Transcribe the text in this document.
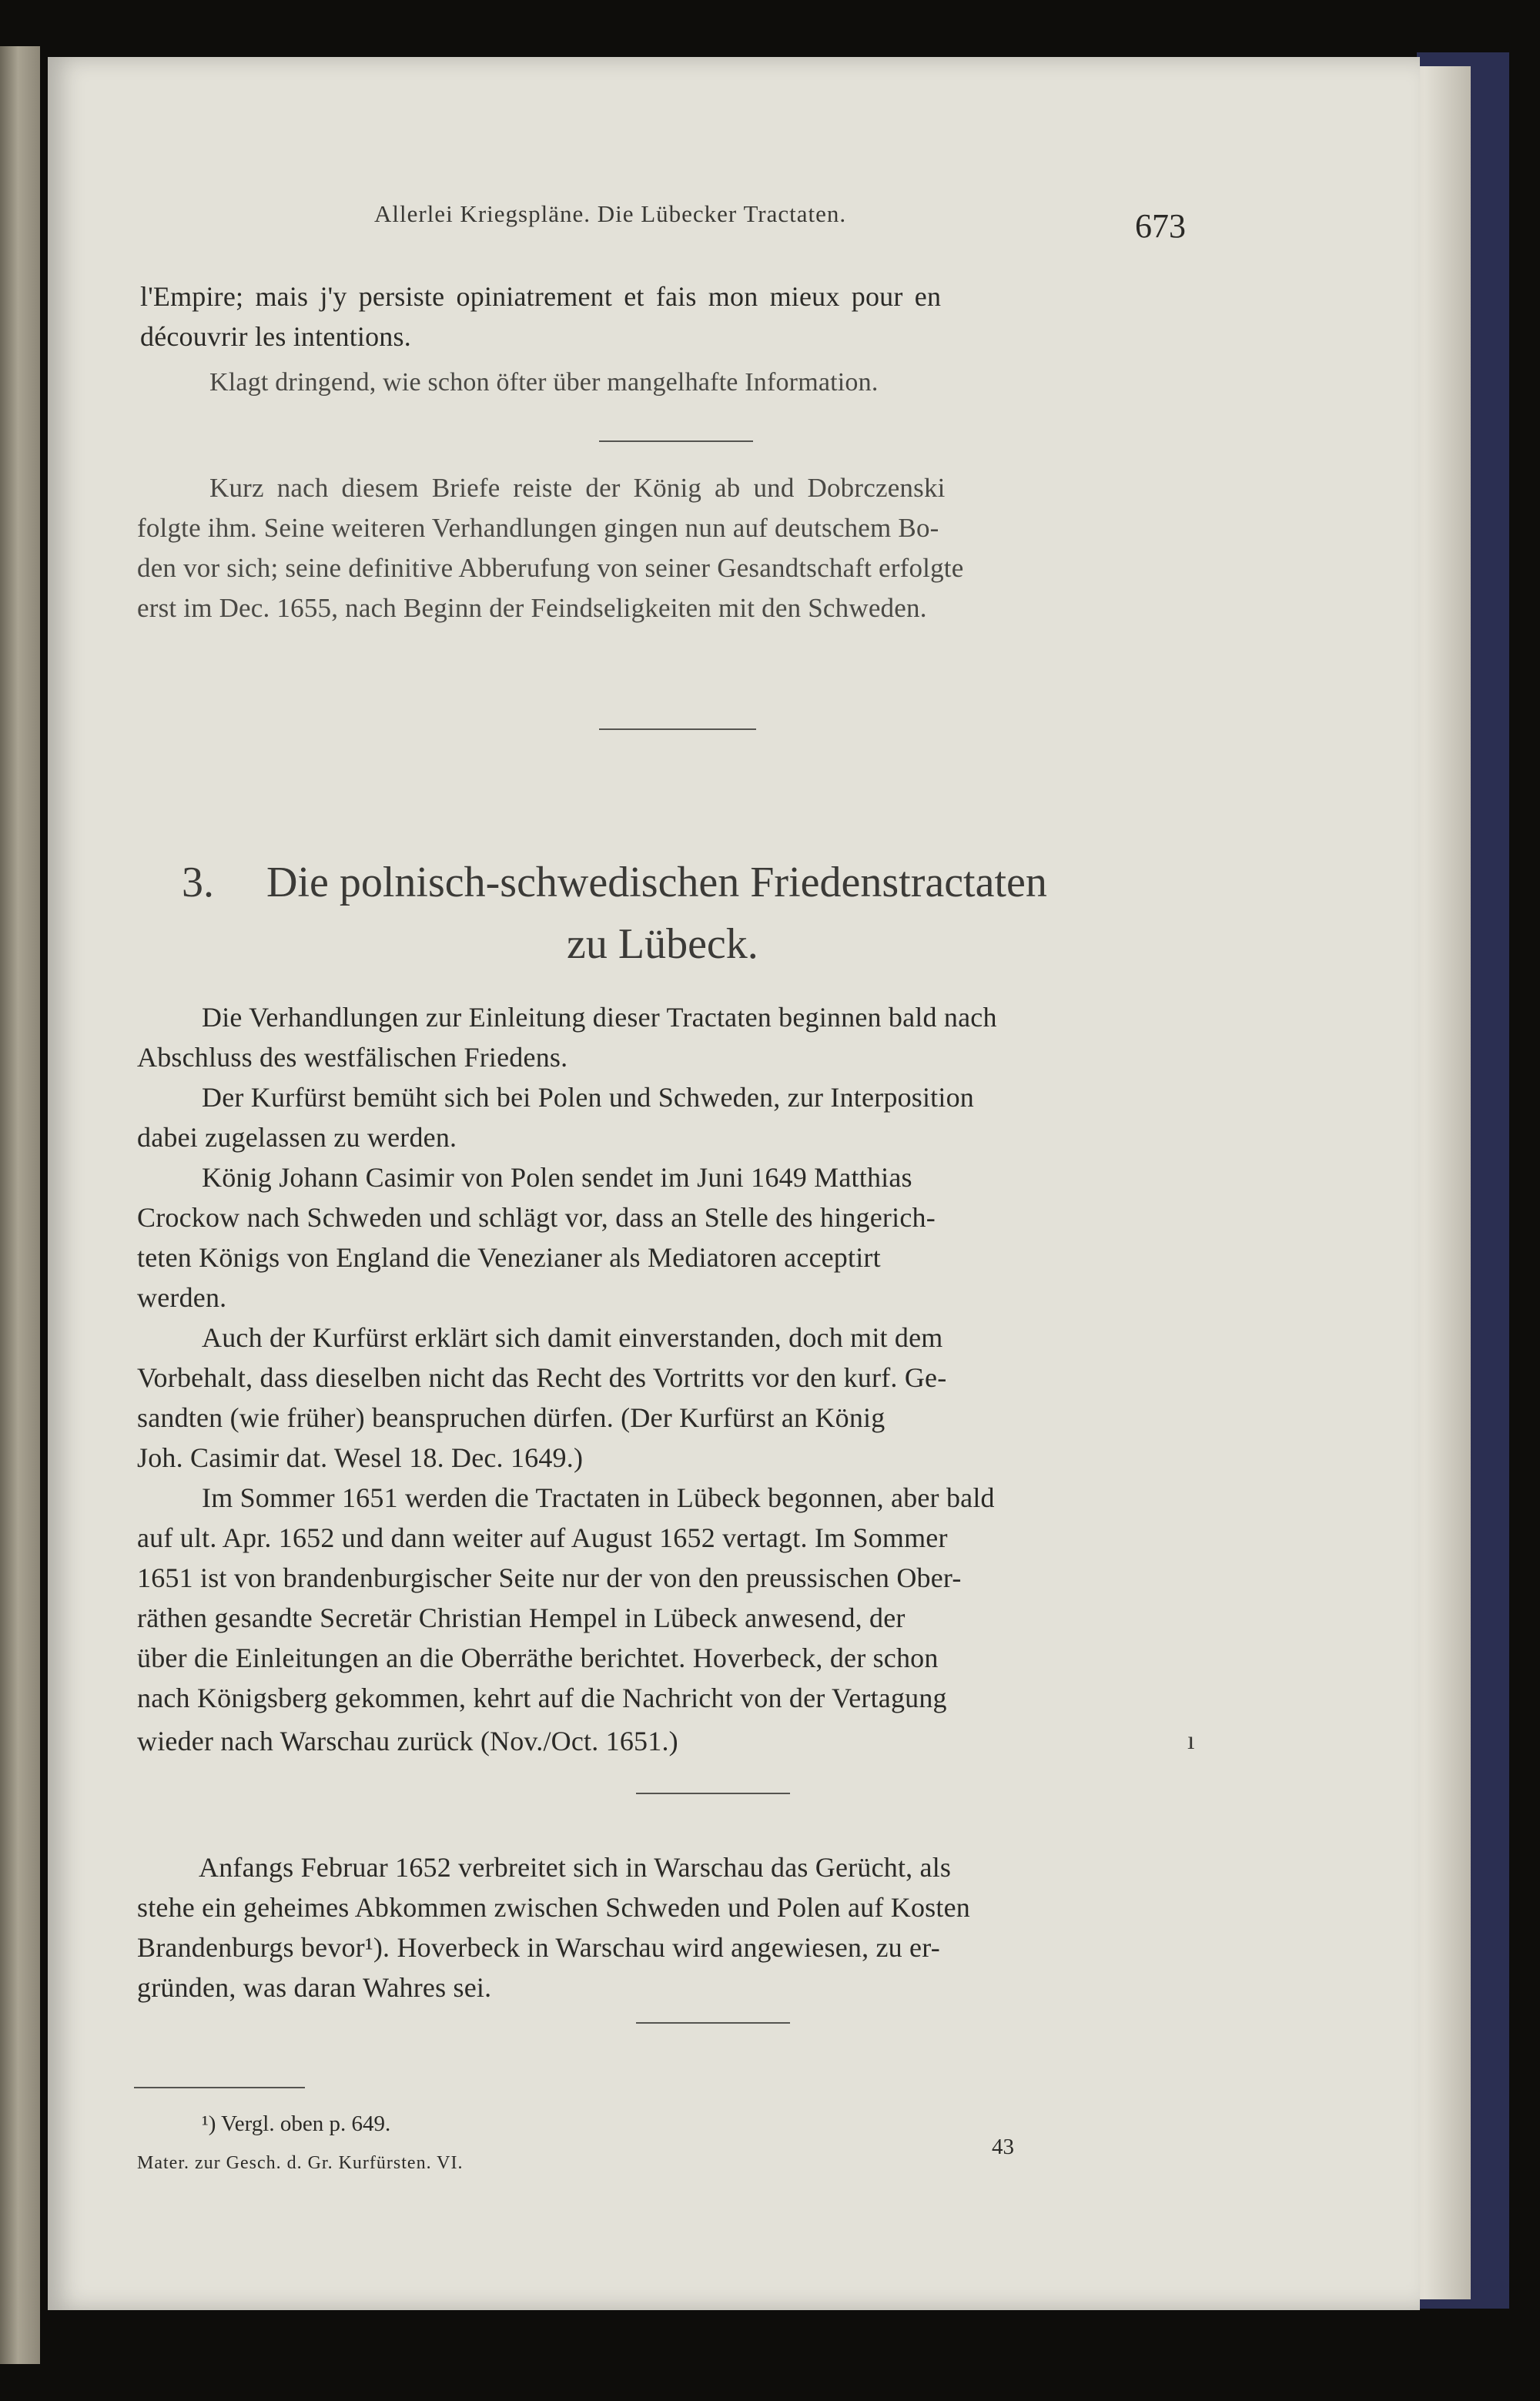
Allerlei Kriegspläne. Die Lübecker Tractaten.	673

l'Empire; mais j'y persiste opiniatrement et fais mon mieux pour en

découvrir les intentions.

Klagt dringend, wie schon öfter über mangelhafte Information.

Kurz nach diesem Briefe reiste der König ab und Dobrczenski

folgte ihm. Seine weiteren Verhandlungen gingen nun auf deutschem Bo-

den vor sich; seine definitive Abberufung von seiner Gesandtschaft erfolgte

erst im Dec. 1655, nach Beginn der Feindseligkeiten mit den Schweden.

3. Die polnisch-schwedischen Friedenstractaten

zu Lübeck.

Die Verhandlungen zur Einleitung dieser Tractaten beginnen bald nach

Abschluss des westfälischen Friedens.

Der Kurfürst bemüht sich bei Polen und Schweden, zur Interposition

dabei zugelassen zu werden.

König Johann Casimir von Polen sendet im Juni 1649 Matthias

Crockow nach Schweden und schlägt vor, dass an Stelle des hingerich-

teten Königs von England die Venezianer als Mediatoren acceptirt

werden.

Auch der Kurfürst erklärt sich damit einverstanden, doch mit dem

Vorbehalt, dass dieselben nicht das Recht des Vortritts vor den kurf. Ge-

sandten (wie früher) beanspruchen dürfen. (Der Kurfürst an König

Joh. Casimir dat. Wesel 18. Dec. 1649.)

Im Sommer 1651 werden die Tractaten in Lübeck begonnen, aber bald

auf ult. Apr. 1652 und dann weiter auf August 1652 vertagt. Im Sommer

1651 ist von brandenburgischer Seite nur der von den preussischen Ober-

räthen gesandte Secretär Christian Hempel in Lübeck anwesend, der

über die Einleitungen an die Oberräthe berichtet. Hoverbeck, der schon

nach Königsberg gekommen, kehrt auf die Nachricht von der Vertagung

wieder nach Warschau zurück (Nov./Oct. 1651.)	ı

Anfangs Februar 1652 verbreitet sich in Warschau das Gerücht, als

stehe ein geheimes Abkommen zwischen Schweden und Polen auf Kosten

Brandenburgs bevor¹). Hoverbeck in Warschau wird angewiesen, zu er-

gründen, was daran Wahres sei.

¹) Vergl. oben p. 649.

Mater. zur Gesch. d. Gr. Kurfürsten. VI.

43
